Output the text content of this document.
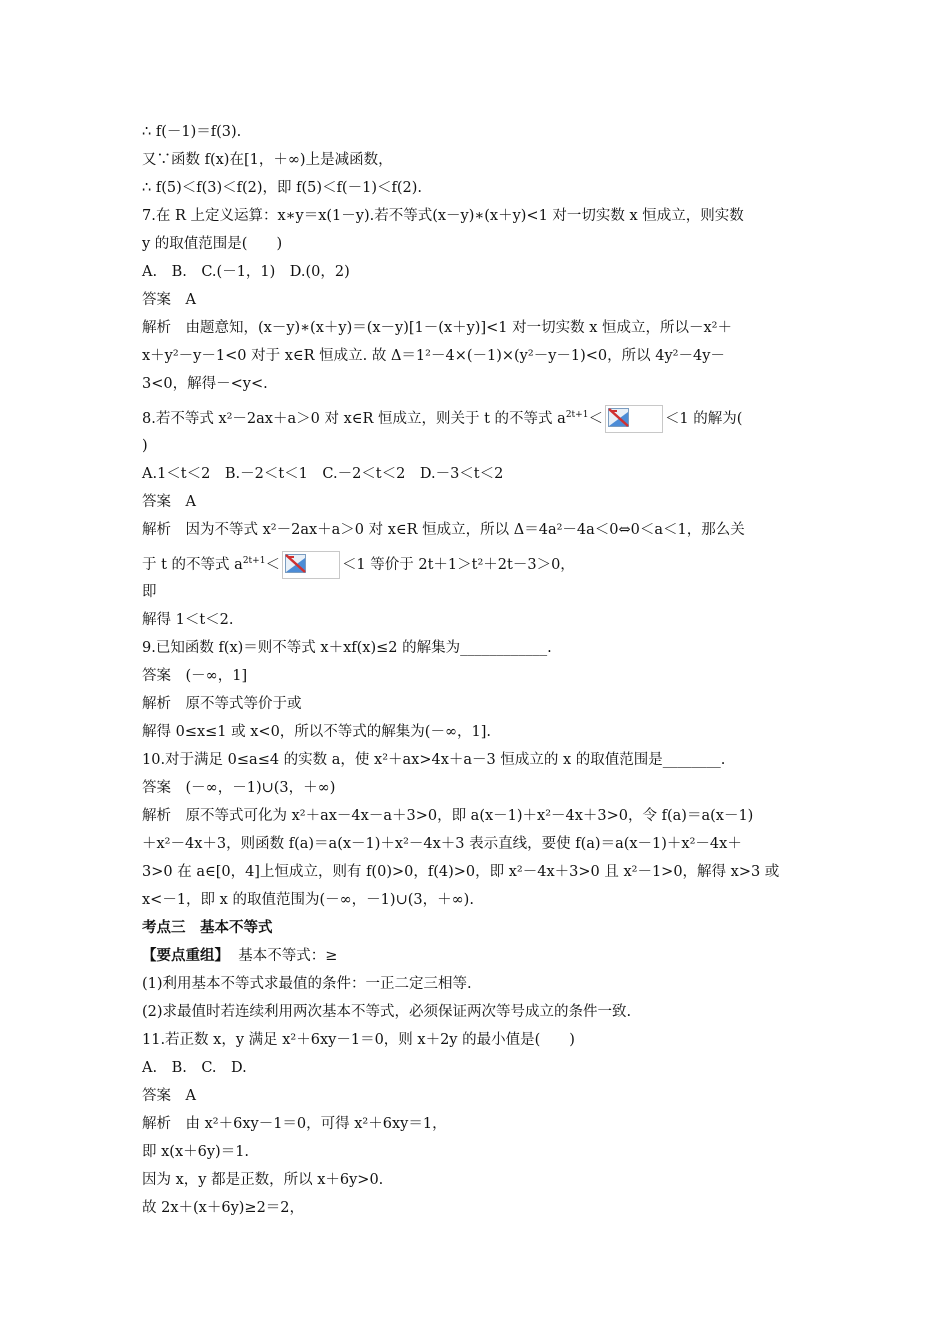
∴ f(－1)＝f(3).
又∵函数 f(x)在[1，＋∞)上是减函数，
∴ f(5)＜f(3)＜f(2)，即 f(5)＜f(－1)＜f(2).
7.在 R 上定义运算：x∗y＝x(1－y).若不等式(x－y)∗(x＋y)<1 对一切实数 x 恒成立，则实数
y 的取值范围是(　　)
A.　B.　C.(－1，1)　D.(0，2)
答案　A
解析　由题意知，(x－y)∗(x＋y)＝(x－y)[1－(x＋y)]<1 对一切实数 x 恒成立，所以－x²＋
x＋y²－y－1<0 对于 x∈R 恒成立. 故 Δ＝1²－4×(－1)×(y²－y－1)<0，所以 4y²－4y－
3<0，解得－<y<.
8.若不等式 x²－2ax＋a＞0 对 x∈R 恒成立，则关于 t 的不等式 $a^{2t+1}<$	＜1 的解为(
)
A.1＜t＜2　B.－2＜t＜1　C.－2＜t＜2　D.－3＜t＜2
答案　A
解析　因为不等式 x²－2ax＋a＞0 对 x∈R 恒成立，所以 Δ＝4a²－4a＜0⇔0＜a＜1，那么关
于 t 的不等式 $a^{2t+1}<$	＜1 等价于 2t＋1＞t²＋2t－3＞0，
即
解得 1＜t＜2.
9.已知函数 f(x)＝则不等式 x＋xf(x)≤2 的解集为____________.
答案　(－∞，1]
解析　原不等式等价于或
解得 0≤x≤1 或 x<0，所以不等式的解集为(－∞，1].
10.对于满足 0≤a≤4 的实数 a，使 x²＋ax>4x＋a－3 恒成立的 x 的取值范围是________.
答案　(－∞，－1)∪(3，＋∞)
解析　原不等式可化为 x²＋ax－4x－a＋3>0，即 a(x－1)＋x²－4x＋3>0，令 f(a)＝a(x－1)
＋x²－4x＋3，则函数 f(a)＝a(x－1)＋x²－4x＋3 表示直线，要使 f(a)＝a(x－1)＋x²－4x＋
3>0 在 a∈[0，4]上恒成立，则有 f(0)>0，f(4)>0，即 x²－4x＋3>0 且 x²－1>0，解得 x>3 或
x<－1，即 x 的取值范围为(－∞，－1)∪(3，＋∞).
考点三　基本不等式
【要点重组】 基本不等式：≥
(1)利用基本不等式求最值的条件：一正二定三相等.
(2)求最值时若连续利用两次基本不等式，必须保证两次等号成立的条件一致.
11.若正数 x，y 满足 x²＋6xy－1＝0，则 x＋2y 的最小值是(　　)
A.　B.　C.　D.
答案　A
解析　由 x²＋6xy－1＝0，可得 x²＋6xy＝1，
即 x(x＋6y)＝1.
因为 x，y 都是正数，所以 x＋6y>0.
故 2x＋(x＋6y)≥2＝2，
